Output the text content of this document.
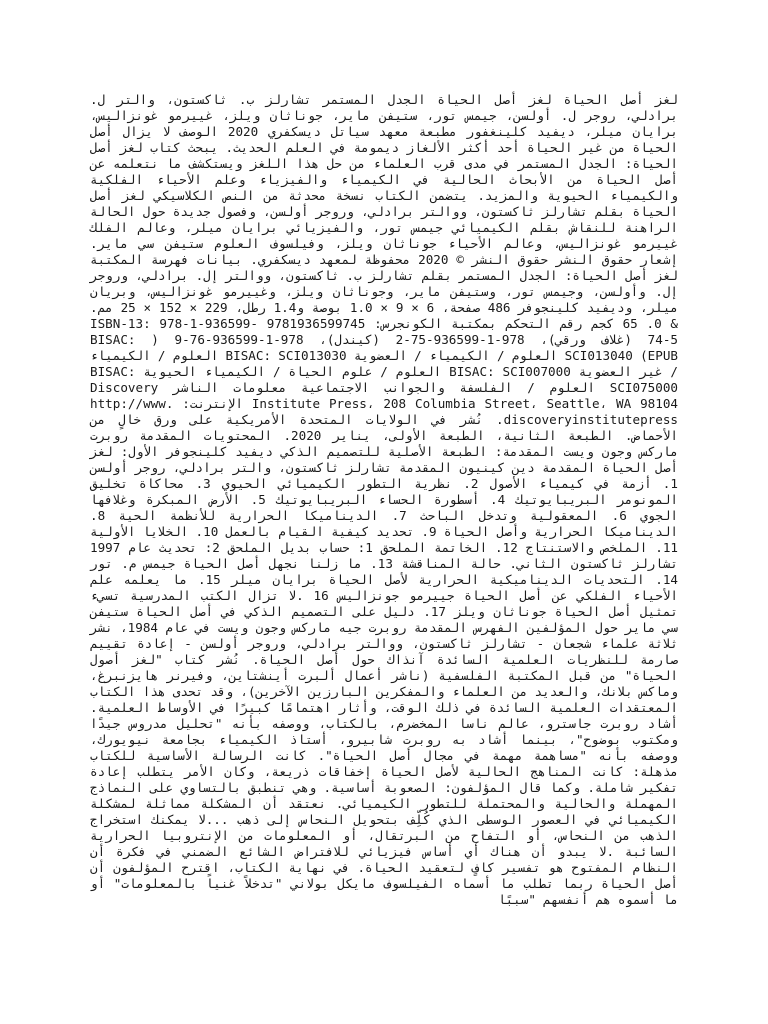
لغز أصل الحياة لغز أصل الحياة الجدل المستمر تشارلز ب. ثاكستون، والتر ل. برادلي، روجر ل. أولسن، جيمس تور، ستيفن ماير، جوناثان ويلز، غييرمو غونزاليس، برايان ميلر، ديفيد كلينغفور مطبعة معهد سياتل ديسكفري 2020 الوصف لا يزال أصل الحياة من غير الحياة أحد أكثر الألغاز ديمومة في العلم الحديث. يبحث كتاب لغز أصل الحياة: الجدل المستمر في مدى قرب العلماء من حل هذا اللغز ويستكشف ما نتعلمه عن أصل الحياة من الأبحاث الحالية في الكيمياء والفيزياء وعلم الأحياء الفلكية والكيمياء الحيوية والمزيد. يتضمن الكتاب نسخة محدثة من النص الكلاسيكي لغز أصل الحياة بقلم تشارلز ثاكستون، ووالتر برادلي، وروجر أولسن، وفصول جديدة حول الحالة الراهنة للنقاش بقلم الكيميائي جيمس تور، والفيزيائي برايان ميلر، وعالم الفلك غييرمو غونزاليس، وعالم الأحياء جوناثان ويلز، وفيلسوف العلوم ستيفن سي ماير. إشعار حقوق النشر حقوق النشر © 2020 محفوظة لمعهد ديسكفري. بيانات فهرسة المكتبة لغز أصل الحياة: الجدل المستمر بقلم تشارلز ب. ثاكستون، ووالتر إل. برادلي، وروجر إل. وأولسن، وجيمس تور، وستيفن ماير، وجوناثان ويلز، وغييرمو غونزاليس، وبريان ميلر، وديفيد كلينجوفر 486 صفحة، 6 × 9 × 1.0 بوصة و1.4 رطل، 229 × 152 × 25 مم. & 0. 65 كجم رقم التحكم بمكتبة الكونجرس: 9781936599745 ISBN-13: 978-1-936599-74-5 (غلاف ورقي)، 978-1-936599-75-2 (كيندل)، 978-1-936599-76-9 ( BISAC: SCI013040 (EPUB العلوم / الكيمياء / العضوية BISAC: SCI013030 العلوم / الكيمياء / غير العضوية BISAC: SCI007000 العلوم / علوم الحياة / الكيمياء الحيوية BISAC: SCI075000 العلوم / الفلسفة والجوانب الاجتماعية معلومات الناشر Discovery Institute Press، 208 Columbia Street، Seattle، WA 98104 الإنترنت: http://www. discoveryinstitutepress. نُشر في الولايات المتحدة الأمريكية على ورق خالٍ من الأحماض. الطبعة الثانية، الطبعة الأولى، يناير 2020. المحتويات المقدمة روبرت ماركس وجون ويست المقدمة: الطبعة الأصلية للتصميم الذكي ديفيد كلينجوفر الأول: لغز أصل الحياة المقدمة دين كينيون المقدمة تشارلز ثاكستون، والتر برادلي، روجر أولسن 1. أزمة في كيمياء الأصول 2. نظرية التطور الكيميائي الحيوي 3. محاكاة تخليق المونومر البريبايوتيك 4. أسطورة الحساء البريبايوتيك 5. الأرض المبكرة وغلافها الجوي 6. المعقولية وتدخل الباحث 7. الديناميكا الحرارية للأنظمة الحية 8. الديناميكا الحرارية وأصل الحياة 9. تحديد كيفية القيام بالعمل 10. الخلايا الأولية 11. الملخص والاستنتاج 12. الخاتمة الملحق 1: حساب بديل الملحق 2: تحديث عام 1997 تشارلز ثاكستون الثاني. حالة المناقشة 13. ما زلنا نجهل أصل الحياة جيمس م. تور 14. التحديات الديناميكية الحرارية لأصل الحياة برايان ميلر 15. ما يعلمه علم الأحياء الفلكي عن أصل الحياة جييرمو جونزاليس 16 .لا تزال الكتب المدرسية تسيء تمثيل أصل الحياة جوناثان ويلز 17. دليل على التصميم الذكي في أصل الحياة ستيفن سي ماير حول المؤلفين الفهرس المقدمة روبرت جيه ماركس وجون ويست في عام 1984، نشر ثلاثة علماء شجعان - تشارلز ثاكستون، ووالتر برادلي، وروجر أولسن - إعادة تقييم صارمة للنظريات العلمية السائدة آنذاك حول أصل الحياة. نُشر كتاب "لغز أصول الحياة" من قبل المكتبة الفلسفية (ناشر أعمال ألبرت أينشتاين، وفيرنر هايزنبرغ، وماكس بلانك، والعديد من العلماء والمفكرين البارزين الآخرين)، وقد تحدى هذا الكتاب المعتقدات العلمية السائدة في ذلك الوقت، وأثار اهتمامًا كبيرًا في الأوساط العلمية. أشاد روبرت جاسترو، عالم ناسا المخضرم، بالكتاب، ووصفه بأنه "تحليل مدروس جيدًا ومكتوب بوضوح"، بينما أشاد به روبرت شابيرو، أستاذ الكيمياء بجامعة نيويورك، ووصفه بأنه "مساهمة مهمة في مجال أصل الحياة". كانت الرسالة الأساسية للكتاب مذهلة: كانت المناهج الحالية لأصل الحياة إخفاقات ذريعة، وكان الأمر يتطلب إعادة تفكير شاملة. وكما قال المؤلفون: الصعوبة أساسية. وهي تنطبق بالتساوي على النماذج المهملة والحالية والمحتملة للتطور الكيميائي. نعتقد أن المشكلة مماثلة لمشكلة الكيميائي في العصور الوسطى الذي كُلِّف بتحويل النحاس إلى ذهب ...لا يمكنك استخراج الذهب من النحاس، أو التفاح من البرتقال، أو المعلومات من الإنتروبيا الحرارية السائبة .لا يبدو أن هناك أي أساس فيزيائي للافتراض الشائع الضمني في فكرة أن النظام المفتوح هو تفسير كافٍ لتعقيد الحياة. في نهاية الكتاب، اقترح المؤلفون أن أصل الحياة ربما تطلب ما أسماه الفيلسوف مايكل بولاني "تدخلاً غنياً بالمعلومات" أو ما أسموه هم أنفسهم "سببًا
